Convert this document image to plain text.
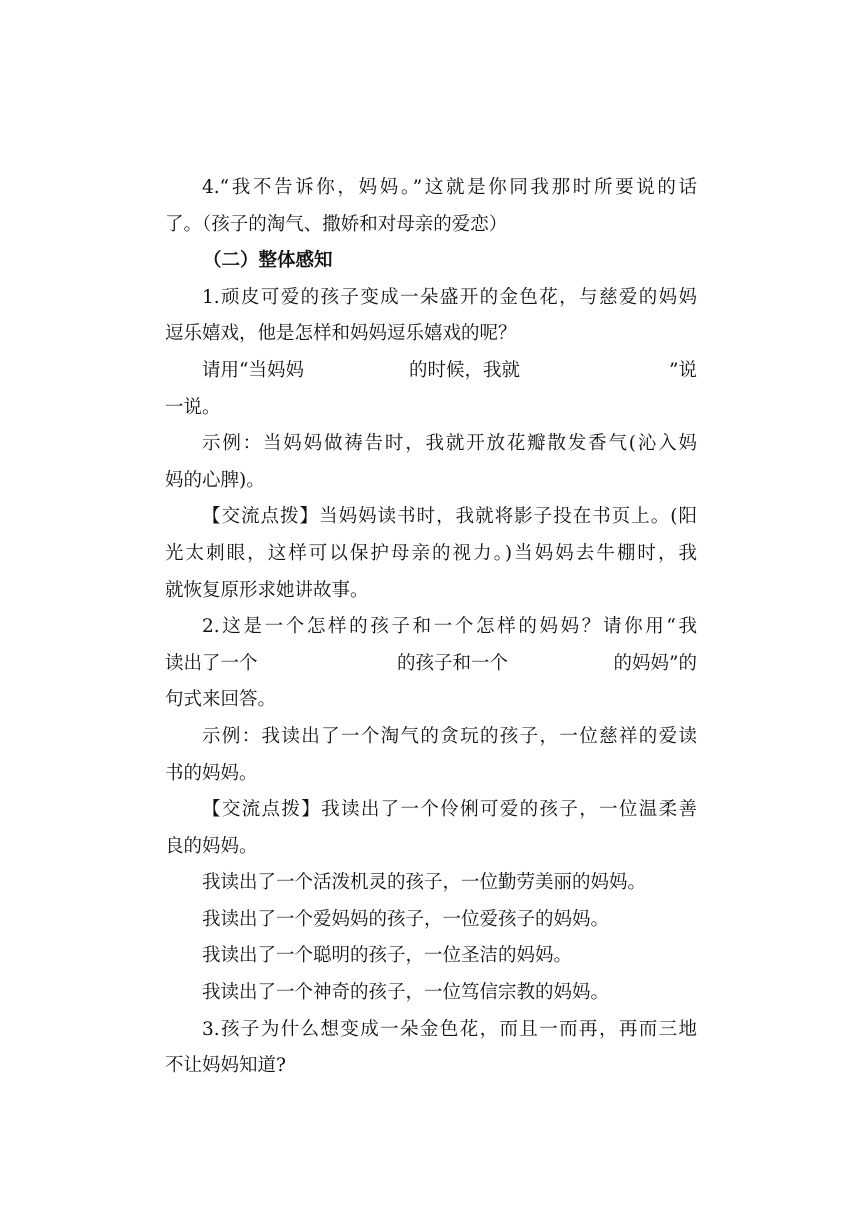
4.“我不告诉你，妈妈。”这就是你同我那时所要说的话
了。（孩子的淘气、撒娇和对母亲的爱恋）
（二）整体感知
1.顽皮可爱的孩子变成一朵盛开的金色花，与慈爱的妈妈
逗乐嬉戏，他是怎样和妈妈逗乐嬉戏的呢？
请用“当妈妈	的时候，我就	”说
一说。
示例：当妈妈做祷告时，我就开放花瓣散发香气(沁入妈
妈的心脾)。
【交流点拨】当妈妈读书时，我就将影子投在书页上。(阳
光太刺眼，这样可以保护母亲的视力。)当妈妈去牛棚时，我
就恢复原形求她讲故事。
2.这是一个怎样的孩子和一个怎样的妈妈？请你用“我
读出了一个	的孩子和一个	的妈妈”的
句式来回答。
示例：我读出了一个淘气的贪玩的孩子，一位慈祥的爱读
书的妈妈。
【交流点拨】我读出了一个伶俐可爱的孩子，一位温柔善
良的妈妈。
我读出了一个活泼机灵的孩子，一位勤劳美丽的妈妈。
我读出了一个爱妈妈的孩子，一位爱孩子的妈妈。
我读出了一个聪明的孩子，一位圣洁的妈妈。
我读出了一个神奇的孩子，一位笃信宗教的妈妈。
3.孩子为什么想变成一朵金色花，而且一而再，再而三地
不让妈妈知道?
